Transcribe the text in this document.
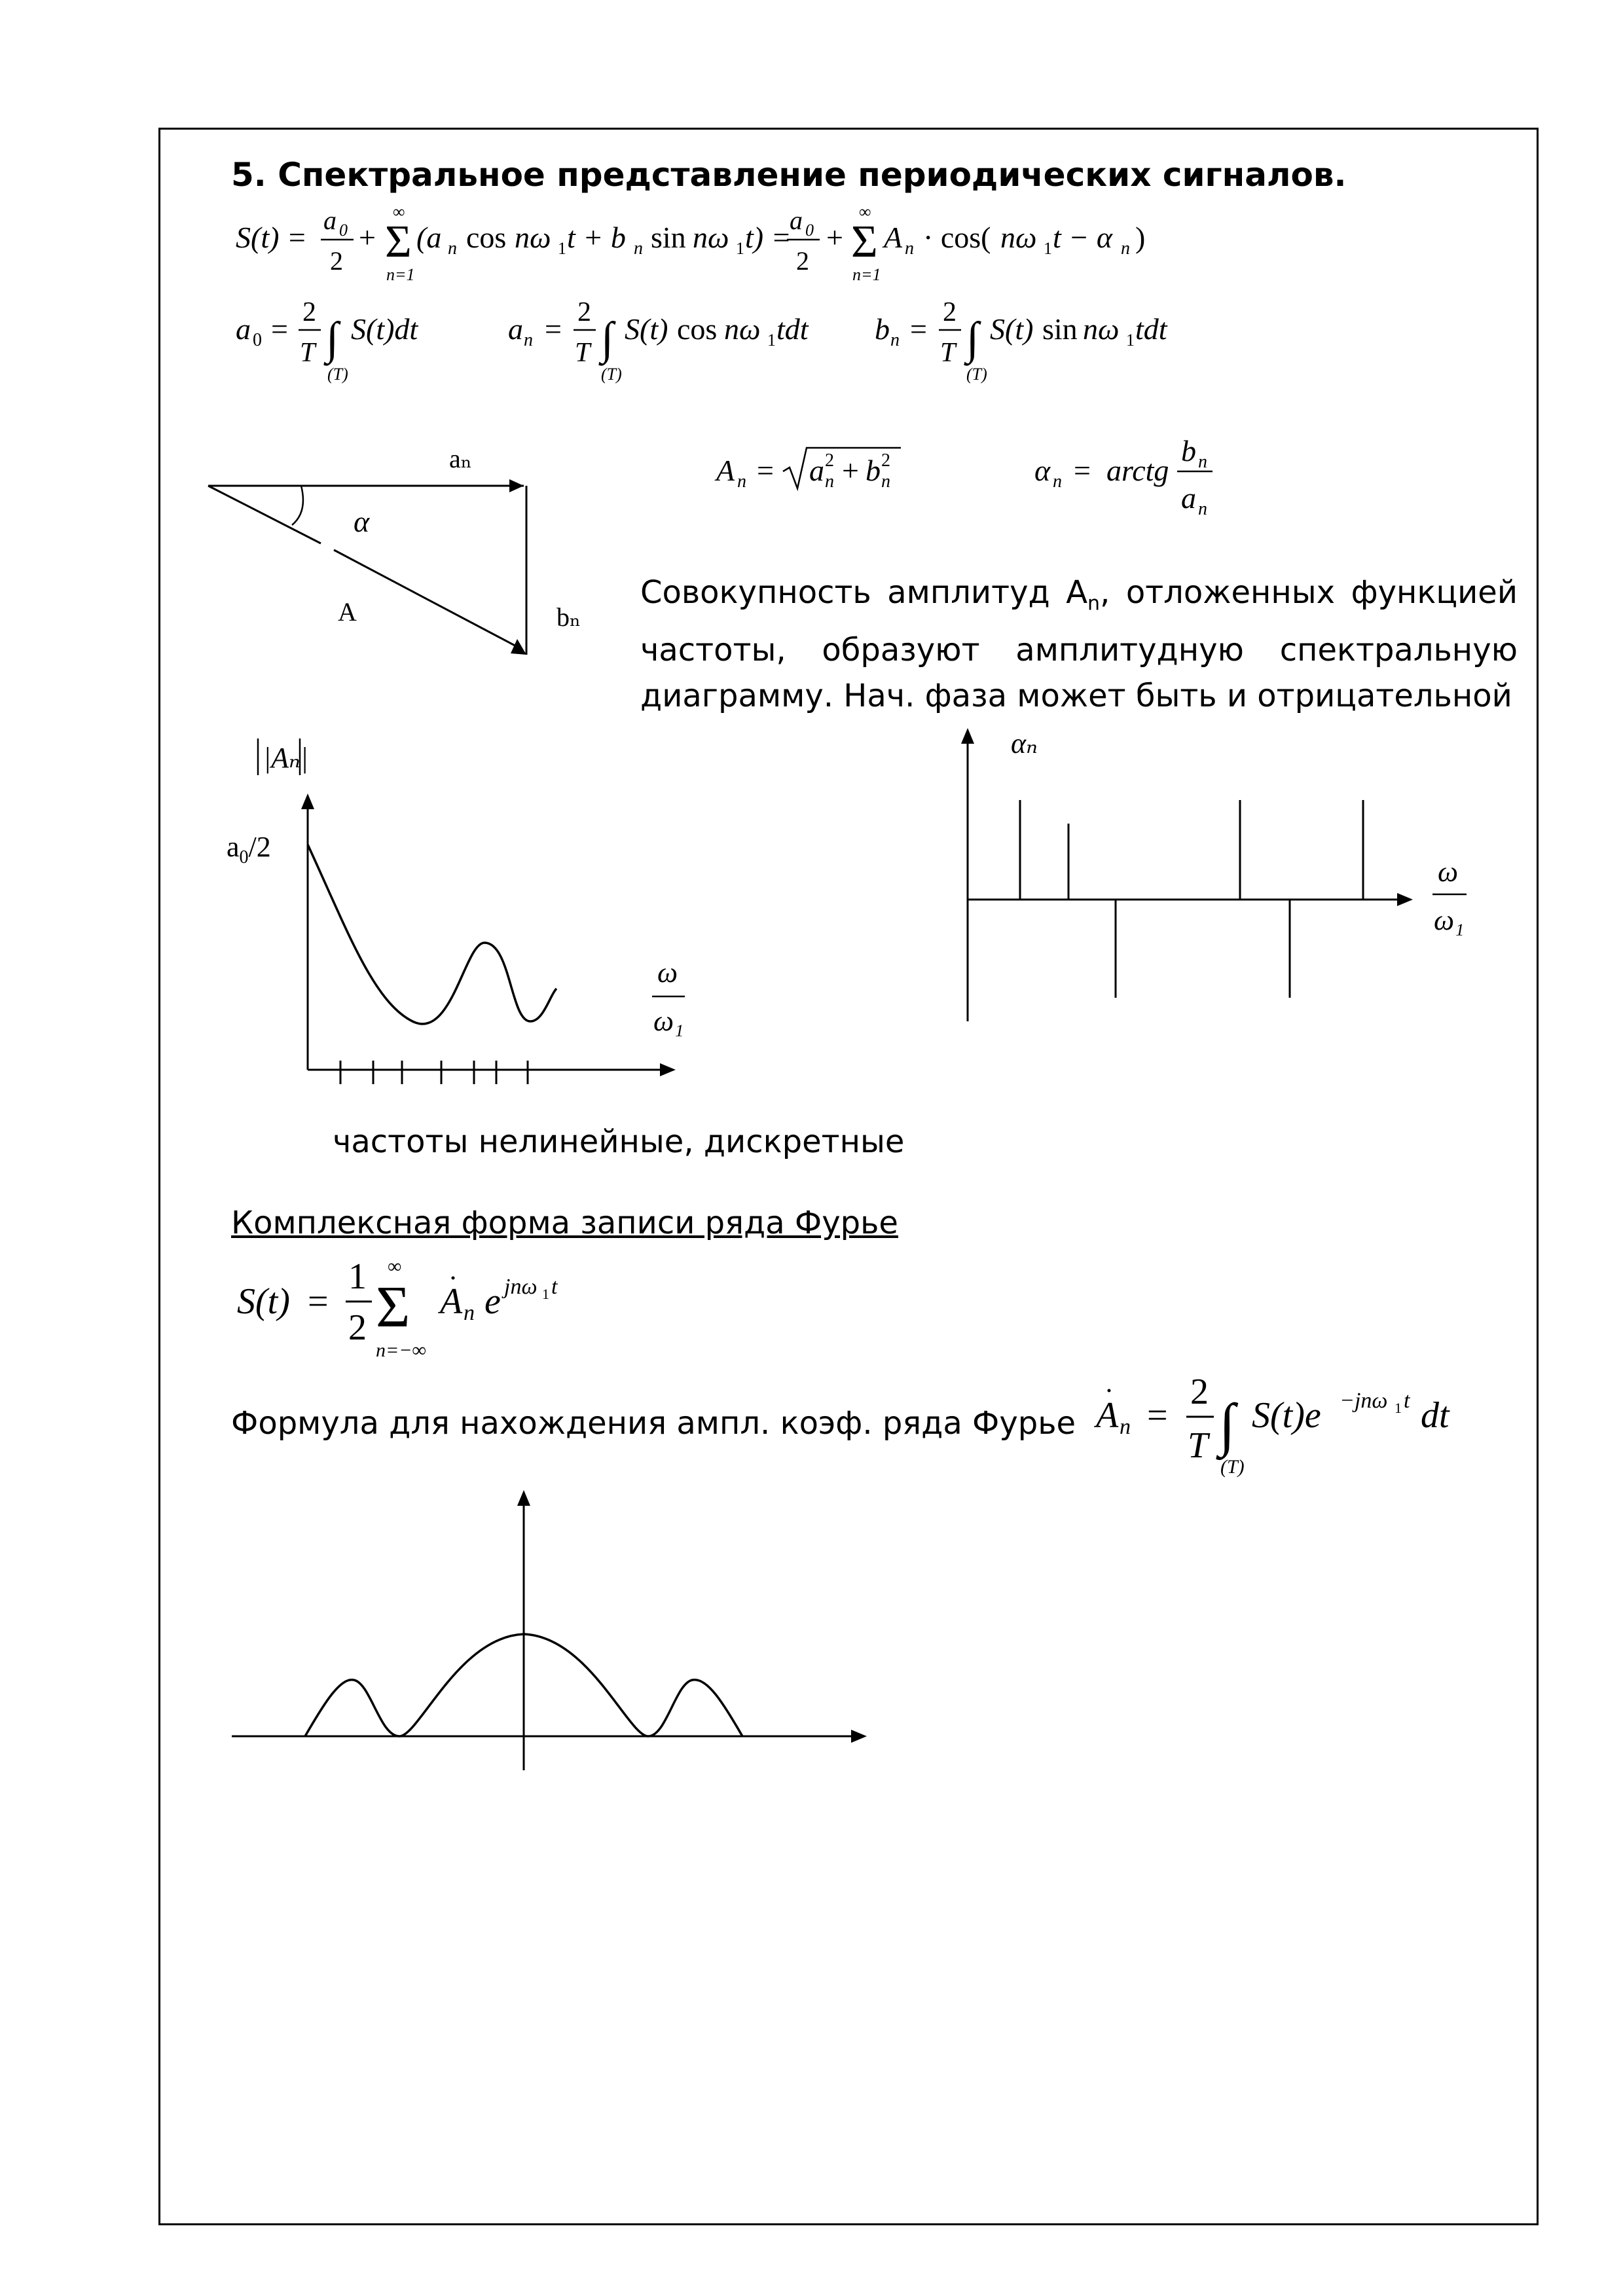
5. Спектральное представление периодических сигналов.
S(t) =
a 0
2
+ Σ
∞
n=1
(a n cos nω 1 t + b n sin nω 1 t) =
a 0
2
+ Σ
∞
n=1
A n · cos( nω 1 t − α n )
a 0 = 2
T ∫
(T)
S(t)dt	a n = 2
T ∫
(T)
S(t) cos nω 1 tdt b n = 2
T ∫
(T)
S(t) sin nω 1 tdt
A n = a n
2 + b n
2	α n = arctg
b n
a n
aₙ
α
A	bₙ
|Aₙ|
$a_0/2$
ω
ω₁
αₙ
ω
ω₁
S(t) =
1
2 Σ
∞
n=−∞
A n e jnω 1 t
A n =
2
T ∫
(T)
S(t)e −jnω 1 t dt
Совокупность амплитуд $A_n$, отложенных функцией частоты, образуют амплитудную спектральную диаграмму. Нач. фаза может быть и отрицательной
частоты нелинейные, дискретные
Комплексная форма записи ряда Фурье
Формула для нахождения ампл. коэф. ряда Фурье
